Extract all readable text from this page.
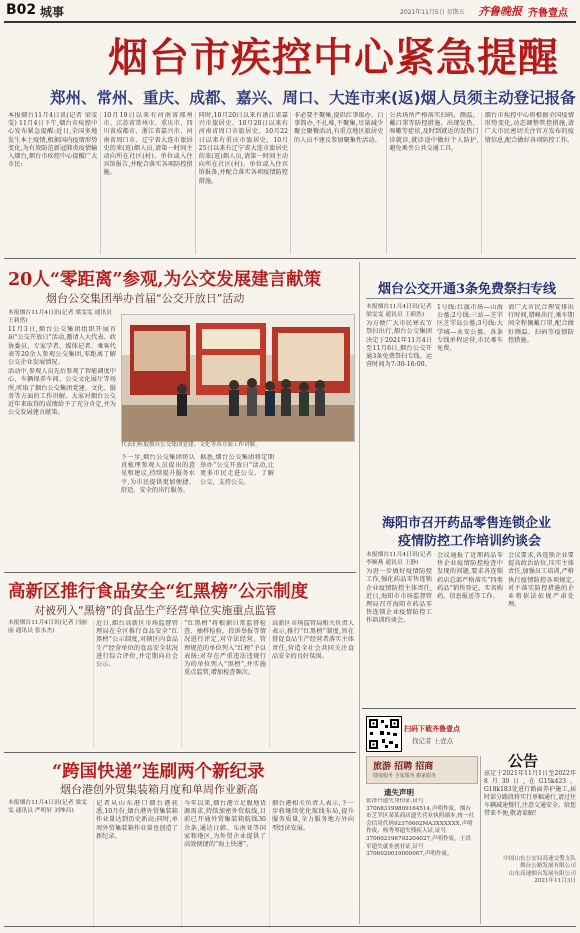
B02 城事	2021年11月5日 星期五 齐鲁晚报 齐鲁壹点
烟台市疾控中心紧急提醒
郑州、常州、重庆、成都、嘉兴、周口、大连市来(返)烟人员须主动登记报备

本报烟台11月4日讯(记者 梁雯雯) 11月4日下午,烟台市疾控中心发布紧急提醒:近日,全国多地发生本土疫情,根据国内疫情形势变化,为有效防范新冠肺炎疫情输入烟台,烟台市疾控中心提醒广大市民:

10月19日以来有河南省郑州市、江苏省常州市、重庆市、四川省成都市、浙江省嘉兴市、河南省周口市、辽宁省大连市旅居史的来(返)烟人员,请第一时间主动向所在社区(村)、单位或入住宾馆报告,并配合落实各项防控措施。

同时,10月20日以来有浙江省嘉兴市旅居史、10月20日以来有河南省周口市旅居史、10月22日以来有重庆市旅居史、10月25日以来有辽宁省大连市旅居史的来(返)烟人员,请第一时间主动向所在社区(村)、单位或入住宾馆报备,并配合落实各项疫情防控措施。

非必要不聚集,提倡红事缓办、白事简办,不扎堆,不聚集,尽量减少聚会聚餐活动,有重点地区旅居史的人员不建议参加聚集性活动。

公共场所严格落实扫码、测温、戴口罩等防控措施。出现发热、咳嗽等症状,及时到就近的发热门诊就诊,就诊途中做好个人防护,避免乘坐公共交通工具。

烟台市疾控中心将根据全国疫情形势变化,动态调整管控措施,请广大市民密切关注官方发布的疫情信息,配合做好各项防控工作。

20人“零距离”参观,为公交发展建言献策
烟台公交集团举办首届“公交开放日”活动
本报烟台11月4日讯(记者 梁雯雯 通讯员 王莉然)

11月3日,烟台公交集团组织开展首届“公交开放日”活动,邀请人大代表、政协委员、专家学者、媒体记者、乘客代表等20余人参观公交集团,零距离了解公交企业发展情况。

活动中,参观人员先后参观了智能调度中心、车辆保养车间、公交文化展厅等场所,听取了烟台公交集团党建、文化、服务等方面的工作讲解。大家对烟台公交近年来取得的成绩给予了充分肯定,并为公交发展建言献策。

代表们听取烟台公交集团党建、文化等各方面工作讲解。

下一步,烟台公交集团将认真梳理参观人员提出的意见和建议,持续提升服务水平,为市民提供更加便捷、舒适、安全的出行服务。

据悉,烟台公交集团将定期举办“公交开放日”活动,让更多市民走进公交、了解公交、支持公交。

烟台公交开通3条免费祭扫专线
本报烟台11月4日讯(记者 梁雯雯 通讯员 王莉然)

为方便广大市民寒衣节祭扫出行,烟台公交集团决定于2021年11月4日至11月6日,烟台公交开通3条免费祭扫专线。运营时间为7:30-16:00。

1号线:红旗市场—山海公墓;2号线:三站—芝罘区芝罘岛公墓;3号线:大学城—永安公墓。各条专线单程运营,市民乘车免费。

请广大市民合理安排出行时间,错峰出行,乘车期间全程佩戴口罩,配合做好测温、扫码等疫情防控措施。

海阳市召开药品零售连锁企业
疫情防控工作培训约谈会
本报烟台11月4日讯(记者 李顺燕 通讯员 王静)

为进一步做好疫情防控工作,强化药品零售连锁企业疫情防控主体责任,近日,海阳市市场监督管理局召开海阳市药品零售连锁企业疫情防控工作培训约谈会。

会议通报了近期药品零售企业疫情防控检查中发现的问题,要求各连锁药店总部严格落实“四类药品”销售登记、实名购药、信息报送等工作。

会议要求,各连锁企业要提高政治站位,压实主体责任,加强员工培训,严格执行疫情防控各项规定,对不落实防控措施的企业将依法依规严肃处理。

高新区推行食品安全“红黑榜”公示制度
对被列入“黑榜”的食品生产经营单位实施重点监管
本报烟台11月4日讯(记者 闫丽丽 通讯员 张永杰)

近日,烟台高新区市场监督管理局在全区推行食品安全“红黑榜”公示制度,对辖区内食品生产经营单位的食品安全状况进行综合评价,并定期向社会公示。

“红黑榜”将根据日常监督检查、抽样检验、投诉举报等情况进行评定,对守法经营、管理规范的单位列入“红榜”予以表扬;对存在严重违法违规行为的单位列入“黑榜”,并实施重点监管,增加检查频次。

高新区市场监管局相关负责人表示,推行“红黑榜”制度,旨在督促食品生产经营者落实主体责任,营造全社会共同关注食品安全的良好氛围。

“跨国快递”连刷两个新纪录
烟台港创外贸集装箱月度和单周作业新高
本报烟台11月4日讯(记者 梁雯雯 通讯员 严明轩 刘坤昌)

记者从山东港口烟台港获悉,10月份,烟台港外贸集装箱作业量达到历史新高;同时,单周外贸集装箱作业量也创造了新纪录。

今年以来,烟台港立足腹地货源需求,持续加密外贸航线,目前已开通外贸集装箱航线30余条,通达日韩、东南亚等国家和地区,为外贸企业提供了高效便捷的“海上快递”。

烟台港相关负责人表示,下一步将继续优化航线布局,提升服务质量,全力服务地方外向型经济发展。

扫码下载齐鲁壹点
找记者 上壹点
旅游 招聘 招商
健康服务 全家服务 搬家服务
遗失声明
张泽丹遗失身份证,证号370683199809164514,声明作废。烟台市芝罘区某某商店遗失营业执照副本,统一社会信用代码92370602MA3XXXXXX,声明作废。杨秀琴遗失残疾人证,证号370602196702204027,声明作废。王洪军遗失就业创业证,证号3706020019000067,声明作废。
公告
兹定于2021年11月1日至2022年8月30日,在G15k423、G18k183处进行路面养护施工,届时部分路段将实行单幅通行,请过往车辆减速慢行,注意交通安全。给您带来不便,敬请谅解!
中国山东公安局高速交警支队
烟台公路发展有限公司
山东高速烟台发展有限公司
2021年11月3日
